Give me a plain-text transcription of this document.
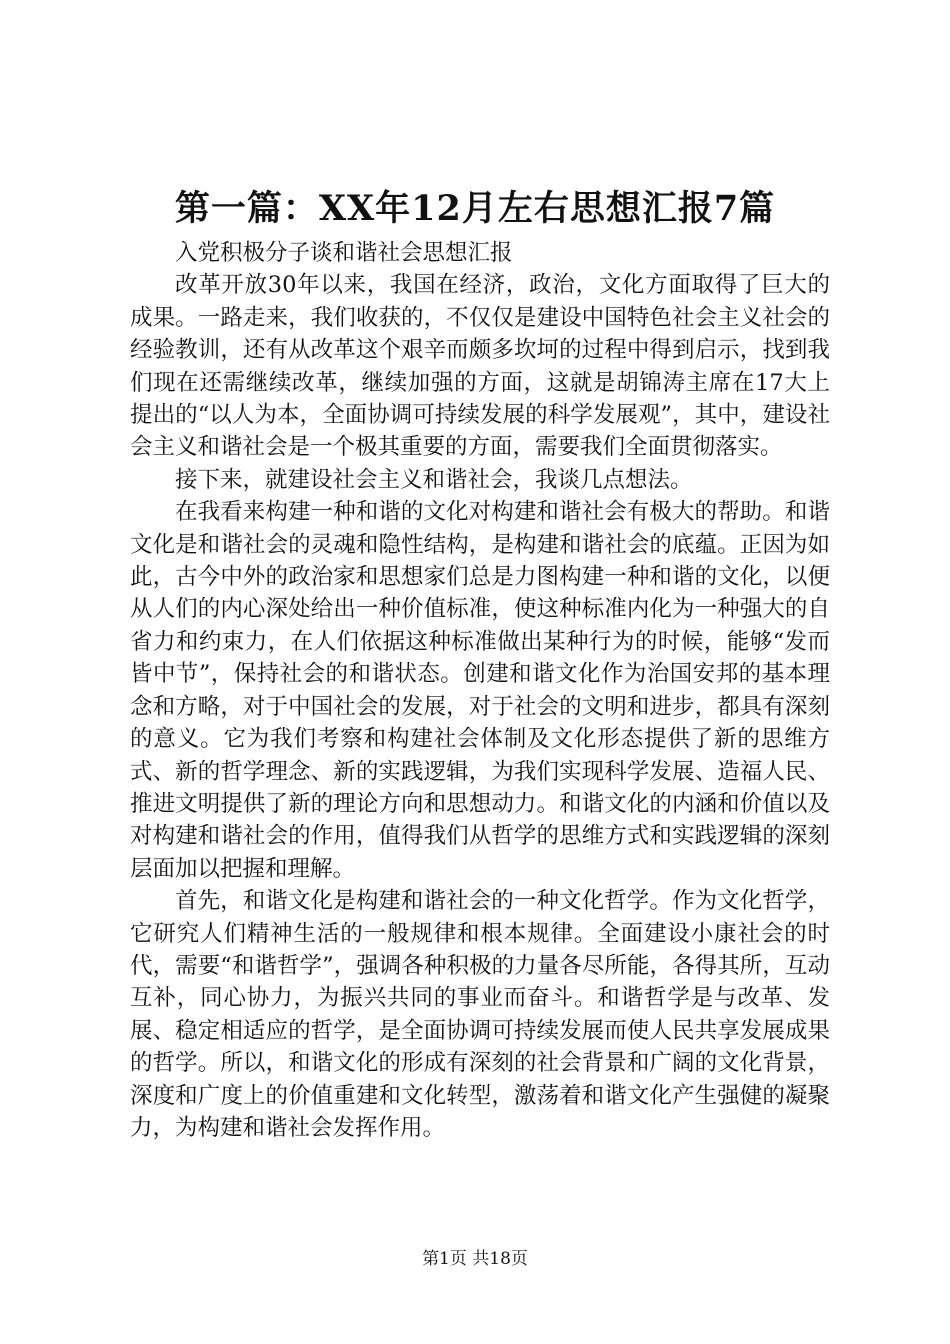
第一篇：XX年12月左右思想汇报7篇

入党积极分子谈和谐社会思想汇报

改革开放30年以来，我国在经济，政治，文化方面取得了巨大的成果。一路走来，我们收获的，不仅仅是建设中国特色社会主义社会的经验教训，还有从改革这个艰辛而颇多坎坷的过程中得到启示，找到我们现在还需继续改革，继续加强的方面，这就是胡锦涛主席在17大上提出的“以人为本，全面协调可持续发展的科学发展观”，其中，建设社会主义和谐社会是一个极其重要的方面，需要我们全面贯彻落实。

接下来，就建设社会主义和谐社会，我谈几点想法。

在我看来构建一种和谐的文化对构建和谐社会有极大的帮助。和谐文化是和谐社会的灵魂和隐性结构，是构建和谐社会的底蕴。正因为如此，古今中外的政治家和思想家们总是力图构建一种和谐的文化，以便从人们的内心深处给出一种价值标准，使这种标准内化为一种强大的自省力和约束力，在人们依据这种标准做出某种行为的时候，能够“发而皆中节”，保持社会的和谐状态。创建和谐文化作为治国安邦的基本理念和方略，对于中国社会的发展，对于社会的文明和进步，都具有深刻的意义。它为我们考察和构建社会体制及文化形态提供了新的思维方式、新的哲学理念、新的实践逻辑，为我们实现科学发展、造福人民、推进文明提供了新的理论方向和思想动力。和谐文化的内涵和价值以及对构建和谐社会的作用，值得我们从哲学的思维方式和实践逻辑的深刻层面加以把握和理解。

首先，和谐文化是构建和谐社会的一种文化哲学。作为文化哲学，它研究人们精神生活的一般规律和根本规律。全面建设小康社会的时代，需要“和谐哲学”，强调各种积极的力量各尽所能，各得其所，互动互补，同心协力，为振兴共同的事业而奋斗。和谐哲学是与改革、发展、稳定相适应的哲学，是全面协调可持续发展而使人民共享发展成果的哲学。所以，和谐文化的形成有深刻的社会背景和广阔的文化背景，深度和广度上的价值重建和文化转型，激荡着和谐文化产生强健的凝聚力，为构建和谐社会发挥作用。

第1页 共18页
